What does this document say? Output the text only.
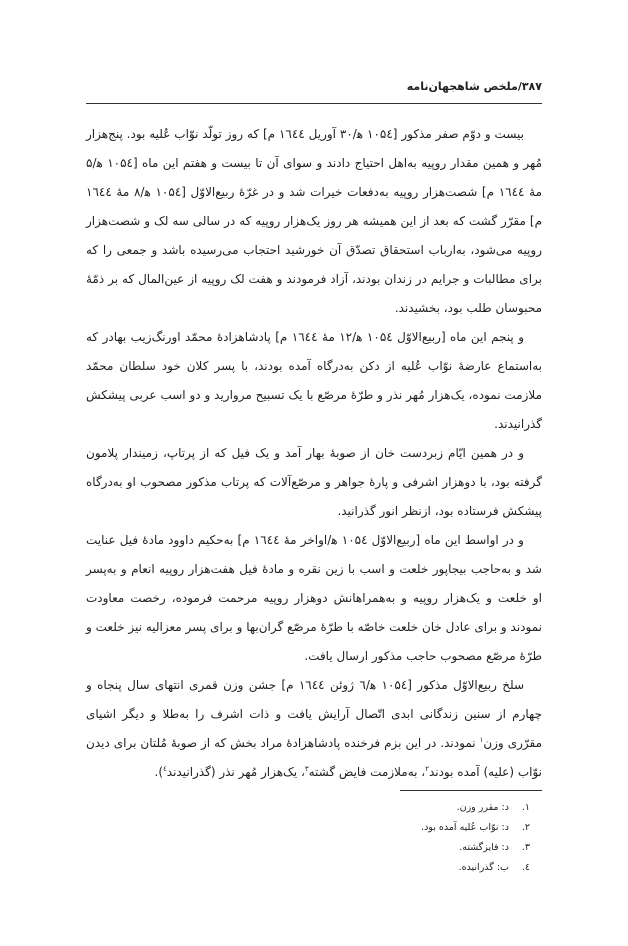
۳۸۷/ملخص شاهجهان‌نامه

بیست و دوّم صفر مذکور [۱۰۵٤ ه‍/۳۰ آوریل ۱٦٤٤ م] که روز تولّد نوّاب عُلیه بود. پنج‌هزار مُهر و همین مقدار روپیه به‌اهل احتیاج دادند و سوای آن تا بیست و هفتم این ماه [۱۰۵٤ ه‍/۵ مهٔ ۱٦٤٤ م] شصت‌هزار روپیه به‌دفعات خیرات شد و در غرّهٔ ربیع‌الاوّل [۱۰۵٤ ه‍/۸ مهٔ ۱٦٤٤ م] مقرّر گشت که بعد از این همیشه هر روز یک‌هزار روپیه که در سالی سه لک و شصت‌هزار روپیه می‌شود، به‌ارباب استحقاق تصدّق آن خورشید احتجاب می‌رسیده باشد و جمعی را که برای مطالبات و جرایم در زندان بودند، آزاد فرمودند و هفت لک روپیه از عین‌المال که بر ذمّهٔ محبوسان طلب بود، بخشیدند.

و پنجم این ماه [ربیع‌الاوّل ۱۰۵٤ ه‍/۱۲ مهٔ ۱٦٤٤ م] پادشاهزادهٔ محمّد اورنگ‌زیب بهادر که به‌استماع عارضهٔ نوّاب عُلیه از دکن به‌درگاه آمده بودند، با پسر کلان خود سلطان محمّد ملازمت نموده، یک‌هزار مُهر نذر و طرّهٔ مرصّع با یک تسبیح مروارید و دو اسب عربی پیشکش گذرانیدند.

و در همین ایّام زبردست خان از صوبهٔ بهار آمد و یک فیل که از پرتاپ، زمیندار پلامون گرفته بود، با دوهزار اشرفی و پارهٔ جواهر و مرصّع‌آلات که پرتاب مذکور مصحوب او به‌درگاه پیشکش فرستاده بود، ازنظر انور گذرانید.

و در اواسط این ماه [ربیع‌الاوّل ۱۰۵٤ ه‍/اواخر مهٔ ۱٦٤٤ م] به‌حکیم داوود مادهٔ فیل عنایت شد و به‌حاجب بیجاپور خلعت و اسب با زین نقره و مادهٔ فیل هفت‌هزار روپیه انعام و به‌پسر او خلعت و یک‌هزار روپیه و به‌همراهانش دوهزار روپیه مرحمت فرموده، رخصت معاودت نمودند و برای عادل خان خلعت خاصّه با طرّهٔ مرصّع گران‌بها و برای پسر معزالیه نیز خلعت و طرّهٔ مرصّع مصحوب حاجب مذکور ارسال یافت.

سلخ ربیع‌الاوّل مذکور [۱۰۵٤ ه‍/٦ ژوئن ۱٦٤٤ م] جشن وزن قمری انتهای سال پنجاه و چهارم از سنین زندگانی ابدی اتّصال آرایش یافت و ذات اشرف را به‌طلا و دیگر اشیای مقرّری وزن$^۱$ نمودند. در این بزم فرخنده پادشاهزادهٔ مراد بخش که از صوبهٔ مُلتان برای دیدن نوّاب (علیه) آمده بودند$^۲$، به‌ملازمت فایض گشته$^۳$، یک‌هزار مُهر نذر (گذرانیدند$^٤$).

۱. د: مقرر وزن.
۲. د: نوّاب عُلیه آمده بود.
۳. د: فایزگشته.
٤. ب: گذرانیده.
